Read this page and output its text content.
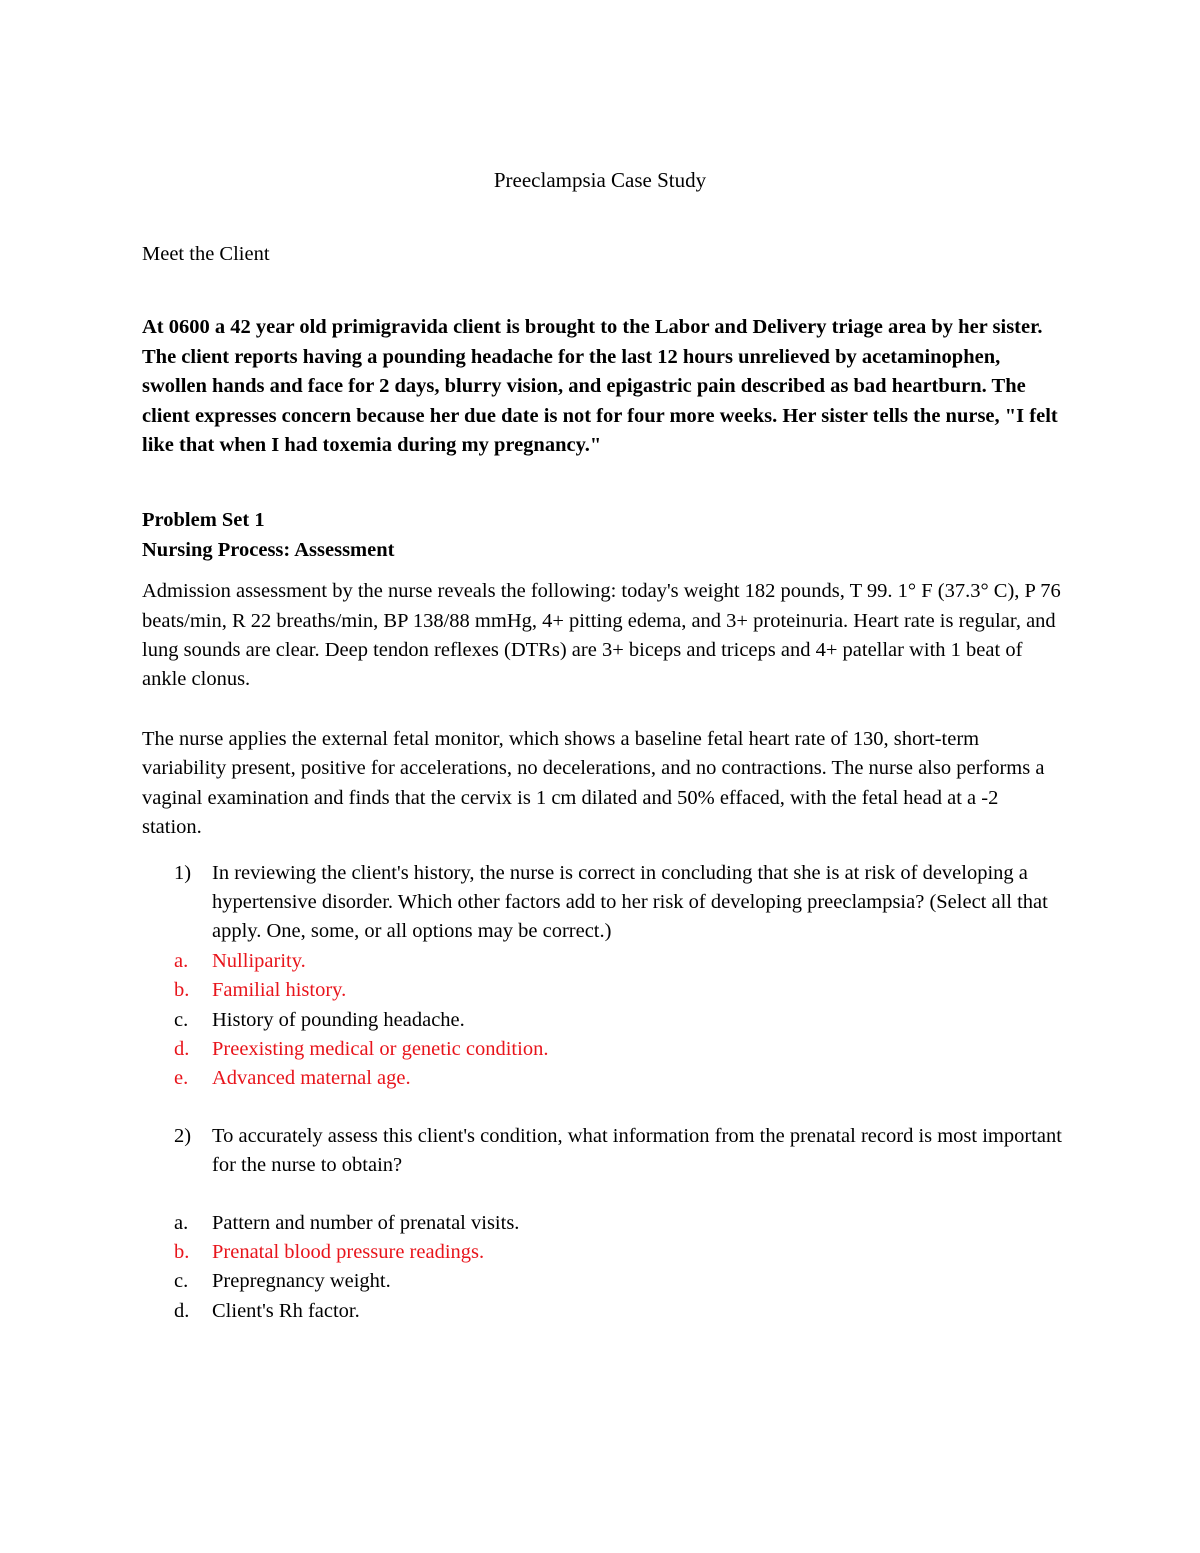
Preeclampsia Case Study

Meet the Client

At 0600 a 42 year old primigravida client is brought to the Labor and Delivery triage area by her sister. The client reports having a pounding headache for the last 12 hours unrelieved by acetaminophen, swollen hands and face for 2 days, blurry vision, and epigastric pain described as bad heartburn. The client expresses concern because her due date is not for four more weeks. Her sister tells the nurse, "I felt like that when I had toxemia during my pregnancy."

Problem Set 1
Nursing Process: Assessment

Admission assessment by the nurse reveals the following: today's weight 182 pounds, T 99. 1° F (37.3° C), P 76 beats/min, R 22 breaths/min, BP 138/88 mmHg, 4+ pitting edema, and 3+ proteinuria. Heart rate is regular, and lung sounds are clear. Deep tendon reflexes (DTRs) are 3+ biceps and triceps and 4+ patellar with 1 beat of ankle clonus.

The nurse applies the external fetal monitor, which shows a baseline fetal heart rate of 130, short-term variability present, positive for accelerations, no decelerations, and no contractions. The nurse also performs a vaginal examination and finds that the cervix is 1 cm dilated and 50% effaced, with the fetal head at a -2 station.

1) In reviewing the client's history, the nurse is correct in concluding that she is at risk of developing a hypertensive disorder. Which other factors add to her risk of developing preeclampsia? (Select all that apply. One, some, or all options may be correct.)

a. Nulliparity.
b. Familial history.
c. History of pounding headache.
d. Preexisting medical or genetic condition.
e. Advanced maternal age.

2) To accurately assess this client's condition, what information from the prenatal record is most important for the nurse to obtain?

a. Pattern and number of prenatal visits.
b. Prenatal blood pressure readings.
c. Prepregnancy weight.
d. Client's Rh factor.
